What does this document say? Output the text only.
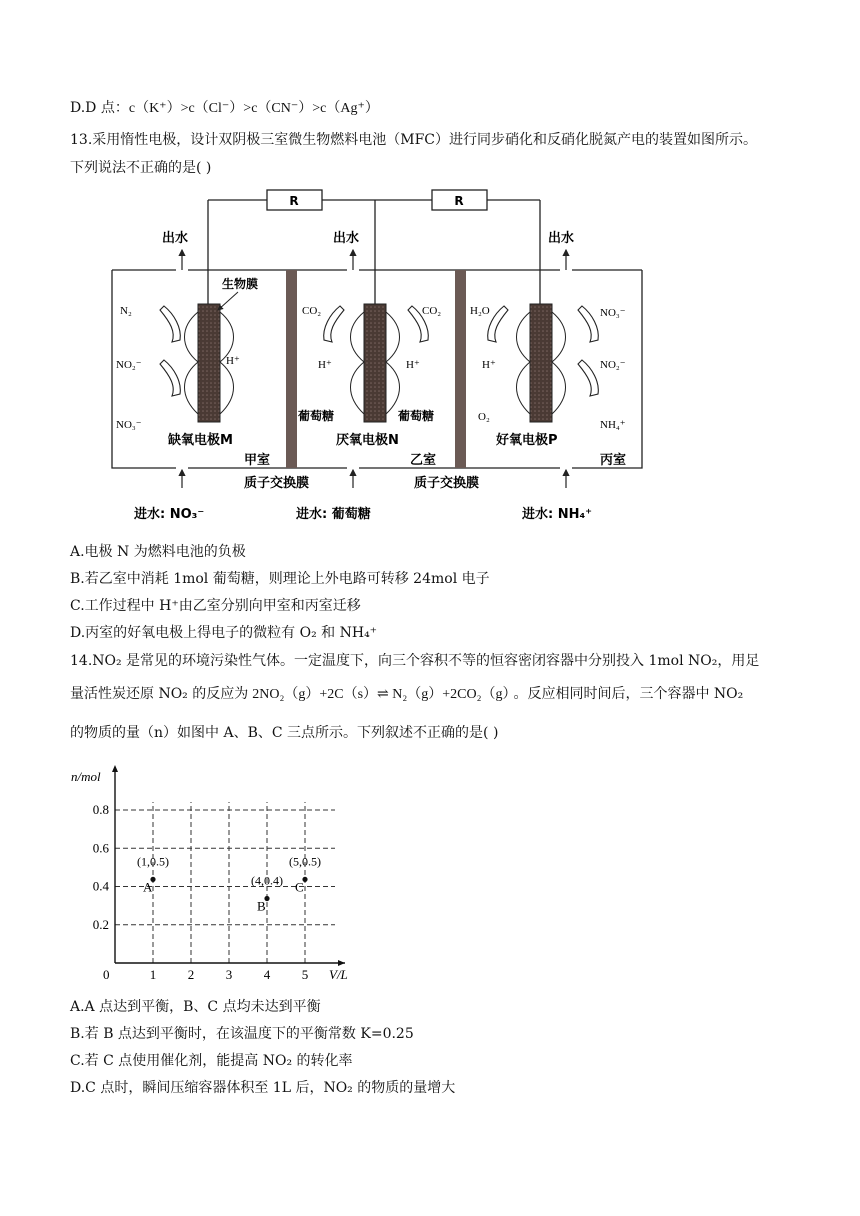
D.D 点：c（K⁺）>c（Cl⁻）>c（CN⁻）>c（Ag⁺）
13.采用惰性电极，设计双阴极三室微生物燃料电池（MFC）进行同步硝化和反硝化脱氮产电的装置如图所示。
下列说法不正确的是( )
R	R
出水	出水	出水
生物膜
N₂
NO₂⁻
NO₃⁻
H⁺
CO₂	CO₂
H⁺	H⁺
葡萄糖	葡萄糖
H₂O
H⁺
O₂
NO₃⁻
NO₂⁻
NH₄⁺
缺氧电极M	厌氧电极N	好氧电极P
甲室	乙室	丙室
质子交换膜	质子交换膜
进水: NO₃⁻	进水: 葡萄糖	进水: NH₄⁺
A.电极 N 为燃料电池的负极
B.若乙室中消耗 1mol 葡萄糖，则理论上外电路可转移 24mol 电子
C.工作过程中 H⁺由乙室分别向甲室和丙室迁移
D.丙室的好氧电极上得电子的微粒有 O₂ 和 NH₄⁺
14.NO₂ 是常见的环境污染性气体。一定温度下，向三个容积不等的恒容密闭容器中分别投入 1mol NO₂，用足
量活性炭还原 NO₂ 的反应为 2NO₂（g）+2C（s）⇌ N₂（g）+2CO₂（g） 。反应相同时间后，三个容器中 NO₂
的物质的量（n）如图中 A、B、C 三点所示。下列叙述不正确的是( )
0.2
0.4
0.6
0.8
1 2 3 4 5
0
n/mol
V/L
A
(1,0.5)
B
(4,0.4) C
(5,0.5)
A.A 点达到平衡，B、C 点均未达到平衡
B.若 B 点达到平衡时，在该温度下的平衡常数 K=0.25
C.若 C 点使用催化剂，能提高 NO₂ 的转化率
D.C 点时，瞬间压缩容器体积至 1L 后，NO₂ 的物质的量增大
